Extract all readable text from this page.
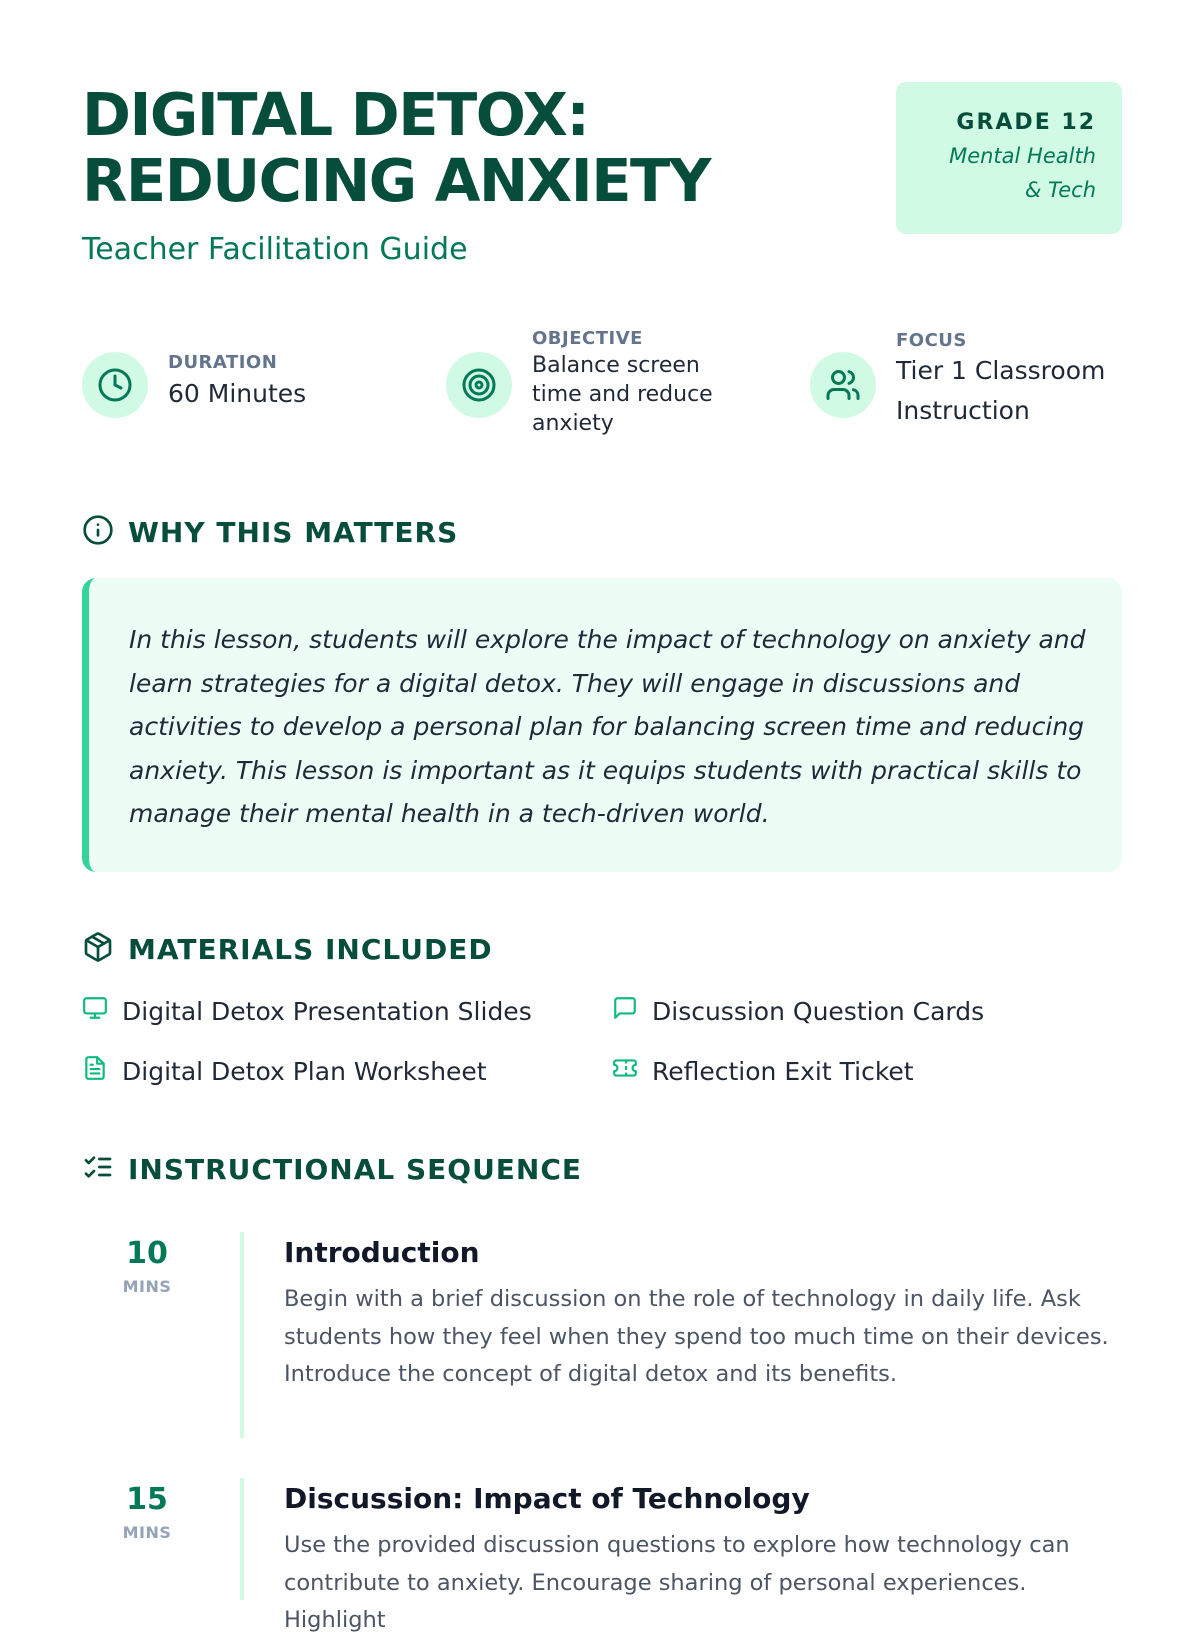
DIGITAL DETOX:
REDUCING ANXIETY
Teacher Facilitation Guide
GRADE 12
Mental Health
& Tech
DURATION
60 Minutes
OBJECTIVE
Balance screen
time and reduce
anxiety
FOCUS
Tier 1 Classroom
Instruction
WHY THIS MATTERS
In this lesson, students will explore the impact of technology on anxiety and
learn strategies for a digital detox. They will engage in discussions and
activities to develop a personal plan for balancing screen time and reducing
anxiety. This lesson is important as it equips students with practical skills to
manage their mental health in a tech-driven world.
MATERIALS INCLUDED
Digital Detox Presentation Slides	Discussion Question Cards
Digital Detox Plan Worksheet	Reflection Exit Ticket
INSTRUCTIONAL SEQUENCE
10
MINS
Introduction
Begin with a brief discussion on the role of technology in daily life. Ask
students how they feel when they spend too much time on their devices.
Introduce the concept of digital detox and its benefits.
15
MINS
Discussion: Impact of Technology
Use the provided discussion questions to explore how technology can
contribute to anxiety. Encourage sharing of personal experiences. Highlight
